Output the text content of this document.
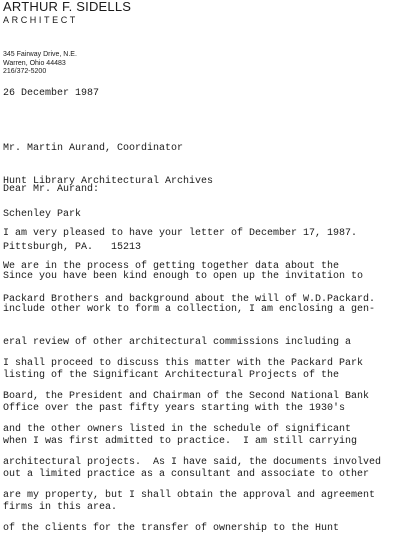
ARTHUR F. SIDELLS
ARCHITECT
345 Fairway Drive, N.E.
Warren, Ohio 44483
216/372-5200
26 December 1987

Mr. Martin Aurand, Coordinator

Hunt Library Architectural Archives

Schenley Park

Pittsburgh, PA.   15213

Dear Mr. Aurand:

I am very pleased to have your letter of December 17, 1987.

We are in the process of getting together data about the

Packard Brothers and background about the will of W.D.Packard.

Since you have been kind enough to open up the invitation to

include other work to form a collection, I am enclosing a gen-

eral review of other architectural commissions including a

listing of the Significant Architectural Projects of the

Office over the past fifty years starting with the 1930's

when I was first admitted to practice.  I am still carrying

out a limited practice as a consultant and associate to other

firms in this area.

I shall proceed to discuss this matter with the Packard Park

Board, the President and Chairman of the Second National Bank

and the other owners listed in the schedule of significant

architectural projects.  As I have said, the documents involved

are my property, but I shall obtain the approval and agreement

of the clients for the transfer of ownership to the Hunt
